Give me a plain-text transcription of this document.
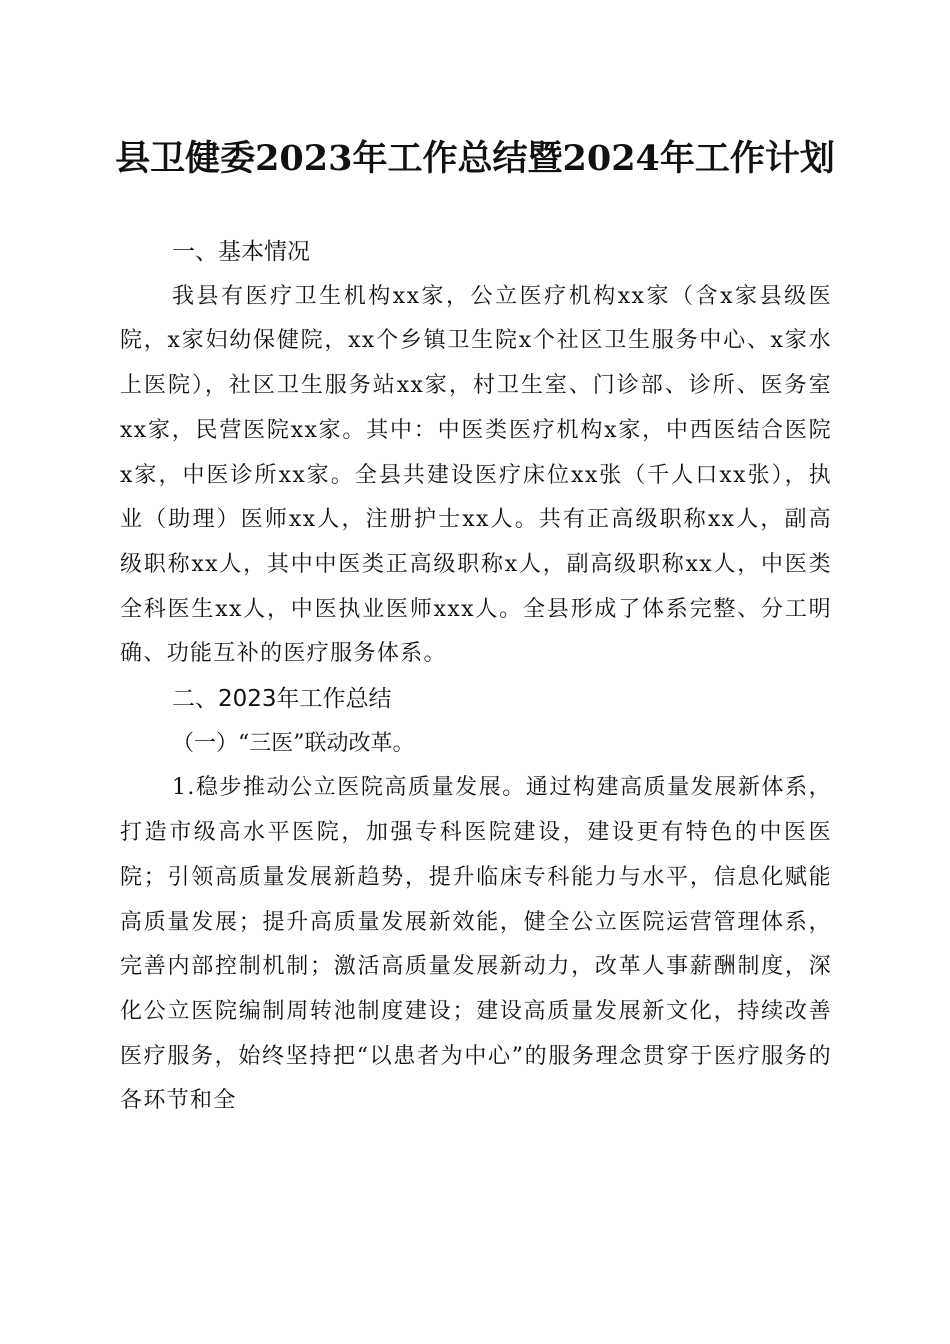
县卫健委2023年工作总结暨2024年工作计划

一、基本情况

我县有医疗卫生机构xx家，公立医疗机构xx家（含x家县级医院，x家妇幼保健院，xx个乡镇卫生院x个社区卫生服务中心、x家水上医院），社区卫生服务站xx家，村卫生室、门诊部、诊所、医务室xx家，民营医院xx家。其中：中医类医疗机构x家，中西医结合医院x家，中医诊所xx家。全县共建设医疗床位xx张（千人口xx张），执业（助理）医师xx人，注册护士xx人。共有正高级职称xx人，副高级职称xx人，其中中医类正高级职称x人，副高级职称xx人，中医类全科医生xx人，中医执业医师xxx人。全县形成了体系完整、分工明确、功能互补的医疗服务体系。

二、2023年工作总结

（一）“三医”联动改革。

1.稳步推动公立医院高质量发展。通过构建高质量发展新体系，打造市级高水平医院，加强专科医院建设，建设更有特色的中医医院；引领高质量发展新趋势，提升临床专科能力与水平，信息化赋能高质量发展；提升高质量发展新效能，健全公立医院运营管理体系，完善内部控制机制；激活高质量发展新动力，改革人事薪酬制度，深化公立医院编制周转池制度建设；建设高质量发展新文化，持续改善医疗服务，始终坚持把“以患者为中心”的服务理念贯穿于医疗服务的各环节和全
